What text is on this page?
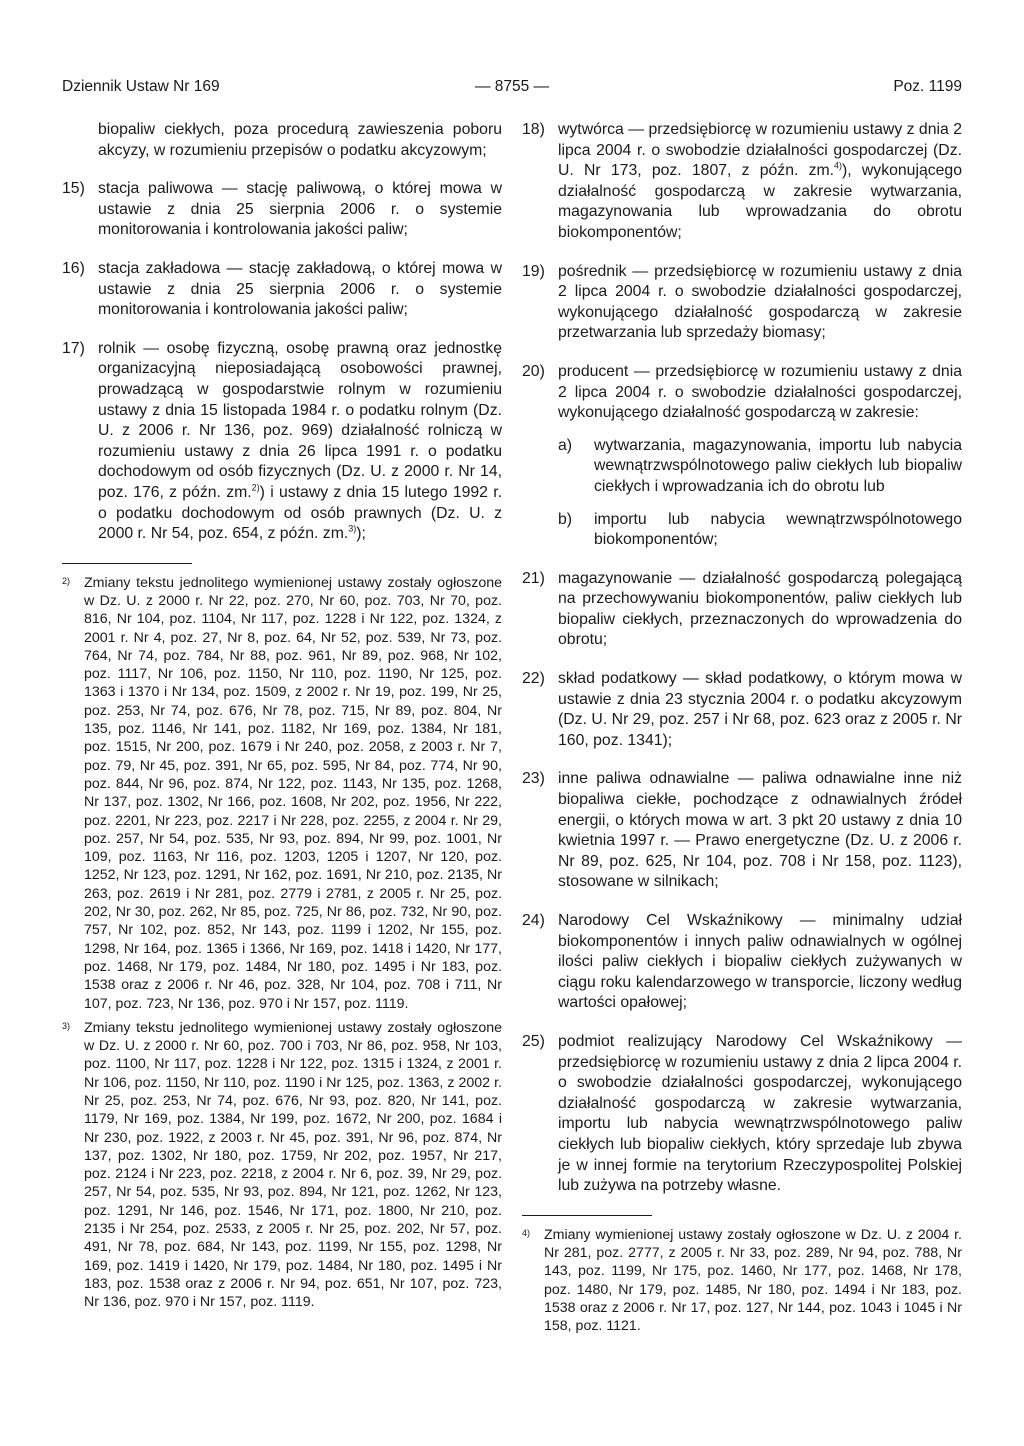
Dziennik Ustaw Nr 169	— 8755 —	Poz. 1199
biopaliw ciekłych, poza procedurą zawieszenia poboru akcyzy, w rozumieniu przepisów o podatku akcyzowym;
15) stacja paliwowa — stację paliwową, o której mowa w ustawie z dnia 25 sierpnia 2006 r. o systemie monitorowania i kontrolowania jakości paliw;
16) stacja zakładowa — stację zakładową, o której mowa w ustawie z dnia 25 sierpnia 2006 r. o systemie monitorowania i kontrolowania jakości paliw;
17) rolnik — osobę fizyczną, osobę prawną oraz jednostkę organizacyjną nieposiadającą osobowości prawnej, prowadzącą w gospodarstwie rolnym w rozumieniu ustawy z dnia 15 listopada 1984 r. o podatku rolnym (Dz. U. z 2006 r. Nr 136, poz. 969) działalność rolniczą w rozumieniu ustawy z dnia 26 lipca 1991 r. o podatku dochodowym od osób fizycznych (Dz. U. z 2000 r. Nr 14, poz. 176, z późn. zm.$^{2)}$) i ustawy z dnia 15 lutego 1992 r. o podatku dochodowym od osób prawnych (Dz. U. z 2000 r. Nr 54, poz. 654, z późn. zm.$^{3)}$);
2) Zmiany tekstu jednolitego wymienionej ustawy zostały ogłoszone w Dz. U. z 2000 r. Nr 22, poz. 270, Nr 60, poz. 703, Nr 70, poz. 816, Nr 104, poz. 1104, Nr 117, poz. 1228 i Nr 122, poz. 1324, z 2001 r. Nr 4, poz. 27, Nr 8, poz. 64, Nr 52, poz. 539, Nr 73, poz. 764, Nr 74, poz. 784, Nr 88, poz. 961, Nr 89, poz. 968, Nr 102, poz. 1117, Nr 106, poz. 1150, Nr 110, poz. 1190, Nr 125, poz. 1363 i 1370 i Nr 134, poz. 1509, z 2002 r. Nr 19, poz. 199, Nr 25, poz. 253, Nr 74, poz. 676, Nr 78, poz. 715, Nr 89, poz. 804, Nr 135, poz. 1146, Nr 141, poz. 1182, Nr 169, poz. 1384, Nr 181, poz. 1515, Nr 200, poz. 1679 i Nr 240, poz. 2058, z 2003 r. Nr 7, poz. 79, Nr 45, poz. 391, Nr 65, poz. 595, Nr 84, poz. 774, Nr 90, poz. 844, Nr 96, poz. 874, Nr 122, poz. 1143, Nr 135, poz. 1268, Nr 137, poz. 1302, Nr 166, poz. 1608, Nr 202, poz. 1956, Nr 222, poz. 2201, Nr 223, poz. 2217 i Nr 228, poz. 2255, z 2004 r. Nr 29, poz. 257, Nr 54, poz. 535, Nr 93, poz. 894, Nr 99, poz. 1001, Nr 109, poz. 1163, Nr 116, poz. 1203, 1205 i 1207, Nr 120, poz. 1252, Nr 123, poz. 1291, Nr 162, poz. 1691, Nr 210, poz. 2135, Nr 263, poz. 2619 i Nr 281, poz. 2779 i 2781, z 2005 r. Nr 25, poz. 202, Nr 30, poz. 262, Nr 85, poz. 725, Nr 86, poz. 732, Nr 90, poz. 757, Nr 102, poz. 852, Nr 143, poz. 1199 i 1202, Nr 155, poz. 1298, Nr 164, poz. 1365 i 1366, Nr 169, poz. 1418 i 1420, Nr 177, poz. 1468, Nr 179, poz. 1484, Nr 180, poz. 1495 i Nr 183, poz. 1538 oraz z 2006 r. Nr 46, poz. 328, Nr 104, poz. 708 i 711, Nr 107, poz. 723, Nr 136, poz. 970 i Nr 157, poz. 1119.
3) Zmiany tekstu jednolitego wymienionej ustawy zostały ogłoszone w Dz. U. z 2000 r. Nr 60, poz. 700 i 703, Nr 86, poz. 958, Nr 103, poz. 1100, Nr 117, poz. 1228 i Nr 122, poz. 1315 i 1324, z 2001 r. Nr 106, poz. 1150, Nr 110, poz. 1190 i Nr 125, poz. 1363, z 2002 r. Nr 25, poz. 253, Nr 74, poz. 676, Nr 93, poz. 820, Nr 141, poz. 1179, Nr 169, poz. 1384, Nr 199, poz. 1672, Nr 200, poz. 1684 i Nr 230, poz. 1922, z 2003 r. Nr 45, poz. 391, Nr 96, poz. 874, Nr 137, poz. 1302, Nr 180, poz. 1759, Nr 202, poz. 1957, Nr 217, poz. 2124 i Nr 223, poz. 2218, z 2004 r. Nr 6, poz. 39, Nr 29, poz. 257, Nr 54, poz. 535, Nr 93, poz. 894, Nr 121, poz. 1262, Nr 123, poz. 1291, Nr 146, poz. 1546, Nr 171, poz. 1800, Nr 210, poz. 2135 i Nr 254, poz. 2533, z 2005 r. Nr 25, poz. 202, Nr 57, poz. 491, Nr 78, poz. 684, Nr 143, poz. 1199, Nr 155, poz. 1298, Nr 169, poz. 1419 i 1420, Nr 179, poz. 1484, Nr 180, poz. 1495 i Nr 183, poz. 1538 oraz z 2006 r. Nr 94, poz. 651, Nr 107, poz. 723, Nr 136, poz. 970 i Nr 157, poz. 1119.
18) wytwórca — przedsiębiorcę w rozumieniu ustawy z dnia 2 lipca 2004 r. o swobodzie działalności gospodarczej (Dz. U. Nr 173, poz. 1807, z późn. zm.$^{4)}$), wykonującego działalność gospodarczą w zakresie wytwarzania, magazynowania lub wprowadzania do obrotu biokomponentów;
19) pośrednik — przedsiębiorcę w rozumieniu ustawy z dnia 2 lipca 2004 r. o swobodzie działalności gospodarczej, wykonującego działalność gospodarczą w zakresie przetwarzania lub sprzedaży biomasy;
20) producent — przedsiębiorcę w rozumieniu ustawy z dnia 2 lipca 2004 r. o swobodzie działalności gospodarczej, wykonującego działalność gospodarczą w zakresie:
a)	wytwarzania, magazynowania, importu lub nabycia wewnątrzwspólnotowego paliw ciekłych lub biopaliw ciekłych i wprowadzania ich do obrotu lub
b)	importu lub nabycia wewnątrzwspólnotowego biokomponentów;
21) magazynowanie — działalność gospodarczą polegającą na przechowywaniu biokomponentów, paliw ciekłych lub biopaliw ciekłych, przeznaczonych do wprowadzenia do obrotu;
22) skład podatkowy — skład podatkowy, o którym mowa w ustawie z dnia 23 stycznia 2004 r. o podatku akcyzowym (Dz. U. Nr 29, poz. 257 i Nr 68, poz. 623 oraz z 2005 r. Nr 160, poz. 1341);
23) inne paliwa odnawialne — paliwa odnawialne inne niż biopaliwa ciekłe, pochodzące z odnawialnych źródeł energii, o których mowa w art. 3 pkt 20 ustawy z dnia 10 kwietnia 1997 r. — Prawo energetyczne (Dz. U. z 2006 r. Nr 89, poz. 625, Nr 104, poz. 708 i Nr 158, poz. 1123), stosowane w silnikach;
24) Narodowy Cel Wskaźnikowy — minimalny udział biokomponentów i innych paliw odnawialnych w ogólnej ilości paliw ciekłych i biopaliw ciekłych zużywanych w ciągu roku kalendarzowego w transporcie, liczony według wartości opałowej;
25) podmiot realizujący Narodowy Cel Wskaźnikowy — przedsiębiorcę w rozumieniu ustawy z dnia 2 lipca 2004 r. o swobodzie działalności gospodarczej, wykonującego działalność gospodarczą w zakresie wytwarzania, importu lub nabycia wewnątrzwspólnotowego paliw ciekłych lub biopaliw ciekłych, który sprzedaje lub zbywa je w innej formie na terytorium Rzeczypospolitej Polskiej lub zużywa na potrzeby własne.
4) Zmiany wymienionej ustawy zostały ogłoszone w Dz. U. z 2004 r. Nr 281, poz. 2777, z 2005 r. Nr 33, poz. 289, Nr 94, poz. 788, Nr 143, poz. 1199, Nr 175, poz. 1460, Nr 177, poz. 1468, Nr 178, poz. 1480, Nr 179, poz. 1485, Nr 180, poz. 1494 i Nr 183, poz. 1538 oraz z 2006 r. Nr 17, poz. 127, Nr 144, poz. 1043 i 1045 i Nr 158, poz. 1121.
